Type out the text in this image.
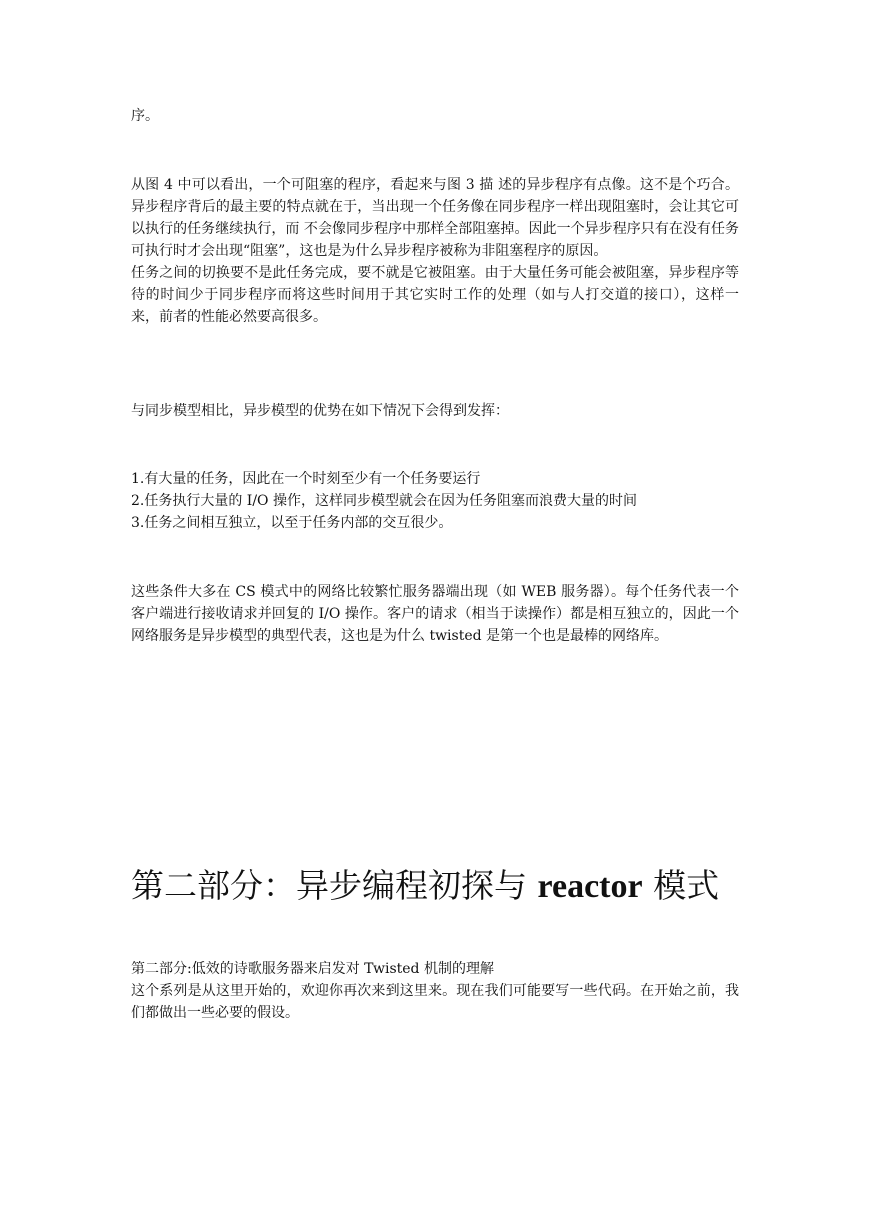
序。

从图 4 中可以看出，一个可阻塞的程序，看起来与图 3 描 述的异步程序有点像。这不是个巧合。异步程序背后的最主要的特点就在于，当出现一个任务像在同步程序一样出现阻塞时，会让其它可以执行的任务继续执行，而 不会像同步程序中那样全部阻塞掉。因此一个异步程序只有在没有任务可执行时才会出现“阻塞”，这也是为什么异步程序被称为非阻塞程序的原因。

任务之间的切换要不是此任务完成，要不就是它被阻塞。由于大量任务可能会被阻塞，异步程序等待的时间少于同步程序而将这些时间用于其它实时工作的处理（如与人打交道的接口），这样一来，前者的性能必然要高很多。

与同步模型相比，异步模型的优势在如下情况下会得到发挥：

1.有大量的任务，因此在一个时刻至少有一个任务要运行

2.任务执行大量的 I/O 操作，这样同步模型就会在因为任务阻塞而浪费大量的时间

3.任务之间相互独立，以至于任务内部的交互很少。

这些条件大多在 CS 模式中的网络比较繁忙服务器端出现（如 WEB 服务器）。每个任务代表一个客户端进行接收请求并回复的 I/O 操作。客户的请求（相当于读操作）都是相互独立的，因此一个网络服务是异步模型的典型代表，这也是为什么 twisted 是第一个也是最棒的网络库。

第二部分：异步编程初探与 reactor 模式

第二部分:低效的诗歌服务器来启发对 Twisted 机制的理解

这个系列是从这里开始的，欢迎你再次来到这里来。现在我们可能要写一些代码。在开始之前，我们都做出一些必要的假设。
